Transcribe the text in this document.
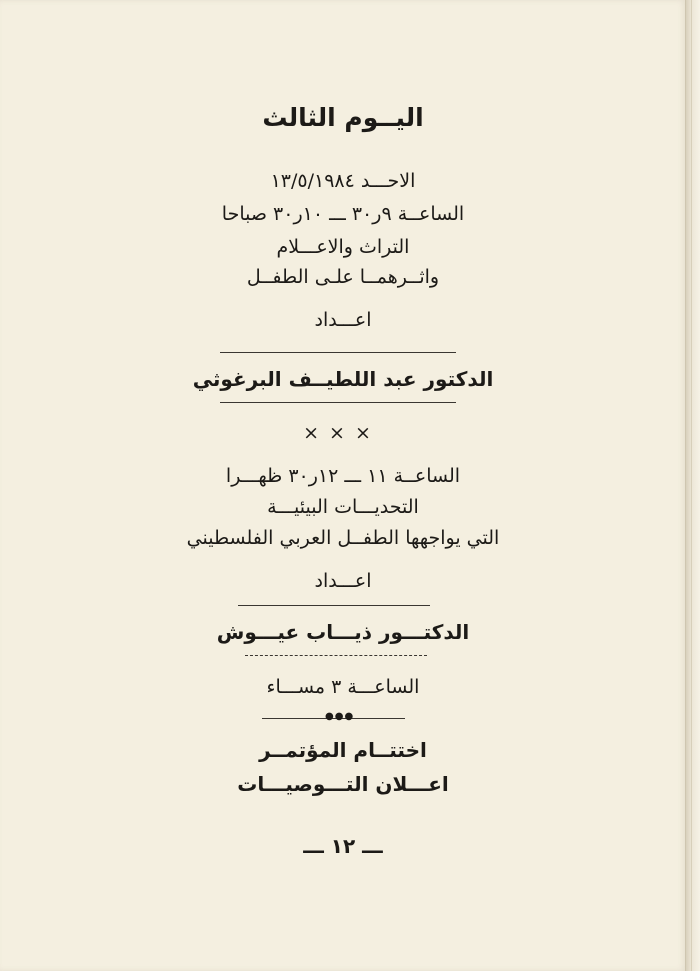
اليــوم الثالث
الاحـــد ١٣/٥/١٩٨٤
الساعــة ٩ر٣٠ ـــ ١٠ر٣٠ صباحا
التراث والاعـــلام
واثــرهمــا علـى الطفــل
اعـــداد
الدكتور عبد اللطيــف البرغوثي
× × ×
الساعــة ١١ ـــ ١٢ر٣٠ ظهـــرا
التحديـــات البيئيـــة
التي يواجهها الطفــل العربي الفلسطيني
اعـــداد
الدكتـــور ذيـــاب عيـــوش
الساعـــة ٣ مســـاء
●●●
اختتــام المؤتمــر
اعـــلان التـــوصيـــات
ـــ ١٢ ـــ
